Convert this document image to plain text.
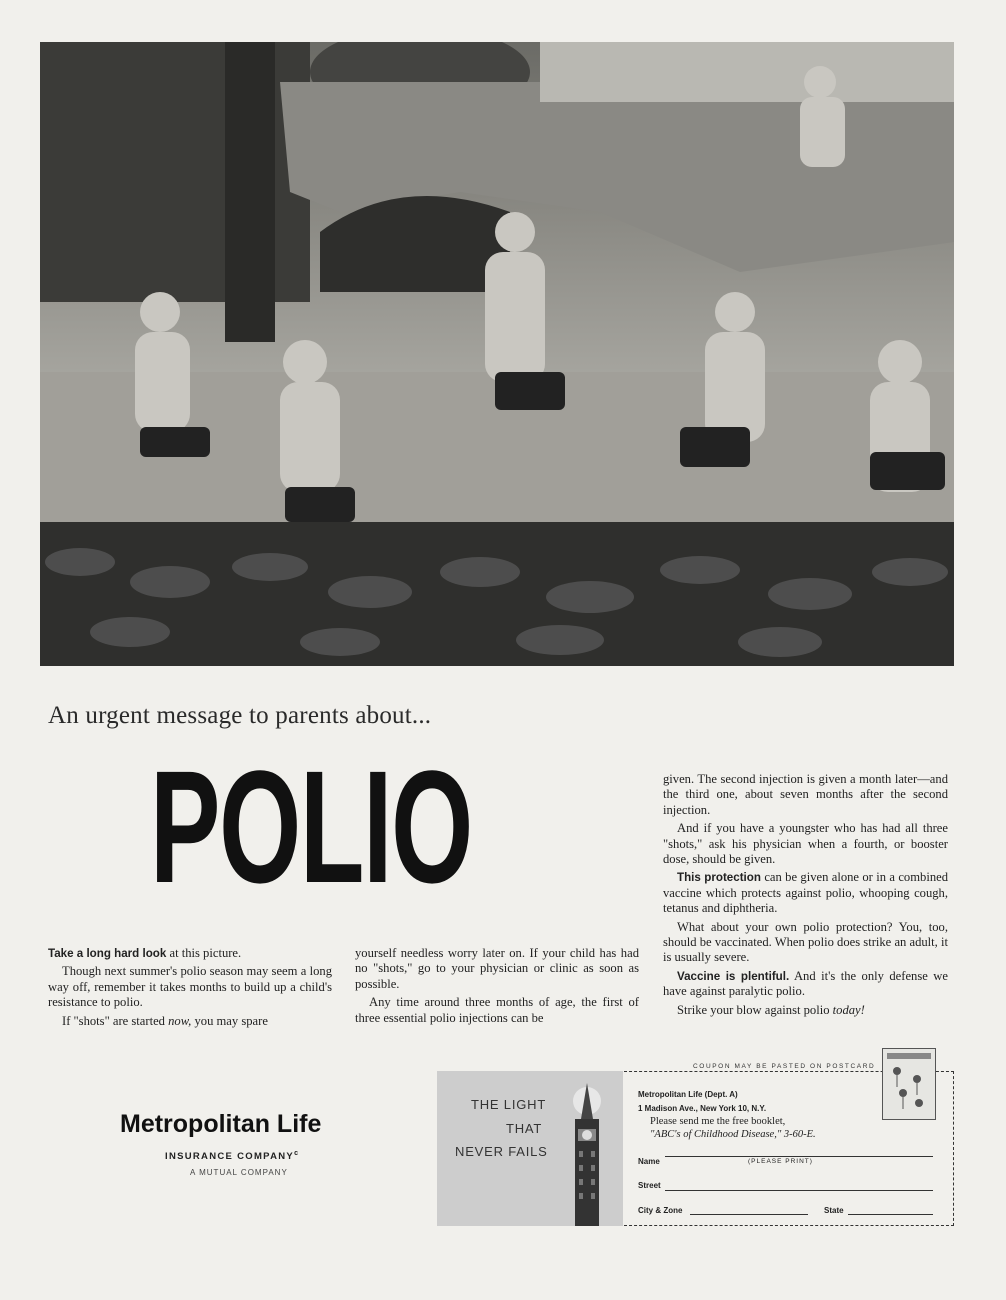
An urgent message to parents about...
POLIO

Take a long hard look at this picture.

Though next summer's polio season may seem a long way off, remember it takes months to build up a child's resistance to polio.

If "shots" are started now, you may spare

yourself needless worry later on. If your child has had no "shots," go to your physician or clinic as soon as possible.

Any time around three months of age, the first of three essential polio injections can be

given. The second injection is given a month later—and the third one, about seven months after the second injection.

And if you have a youngster who has had all three "shots," ask his physician when a fourth, or booster dose, should be given.

This protection can be given alone or in a combined vaccine which protects against polio, whooping cough, tetanus and diphtheria.

What about your own polio protection? You, too, should be vaccinated. When polio does strike an adult, it is usually severe.

Vaccine is plentiful. And it's the only defense we have against paralytic polio.

Strike your blow against polio today!

Metropolitan Life
INSURANCE COMPANY$^c$
A MUTUAL COMPANY
THE LIGHT
THAT
NEVER FAILS
COUPON MAY BE PASTED ON POSTCARD
Metropolitan Life (Dept. A)
1 Madison Ave., New York 10, N.Y.
Please send me the free booklet,
"ABC's of Childhood Disease," 3-60-E.
Name	(PLEASE PRINT)
Street
City & Zone	State
